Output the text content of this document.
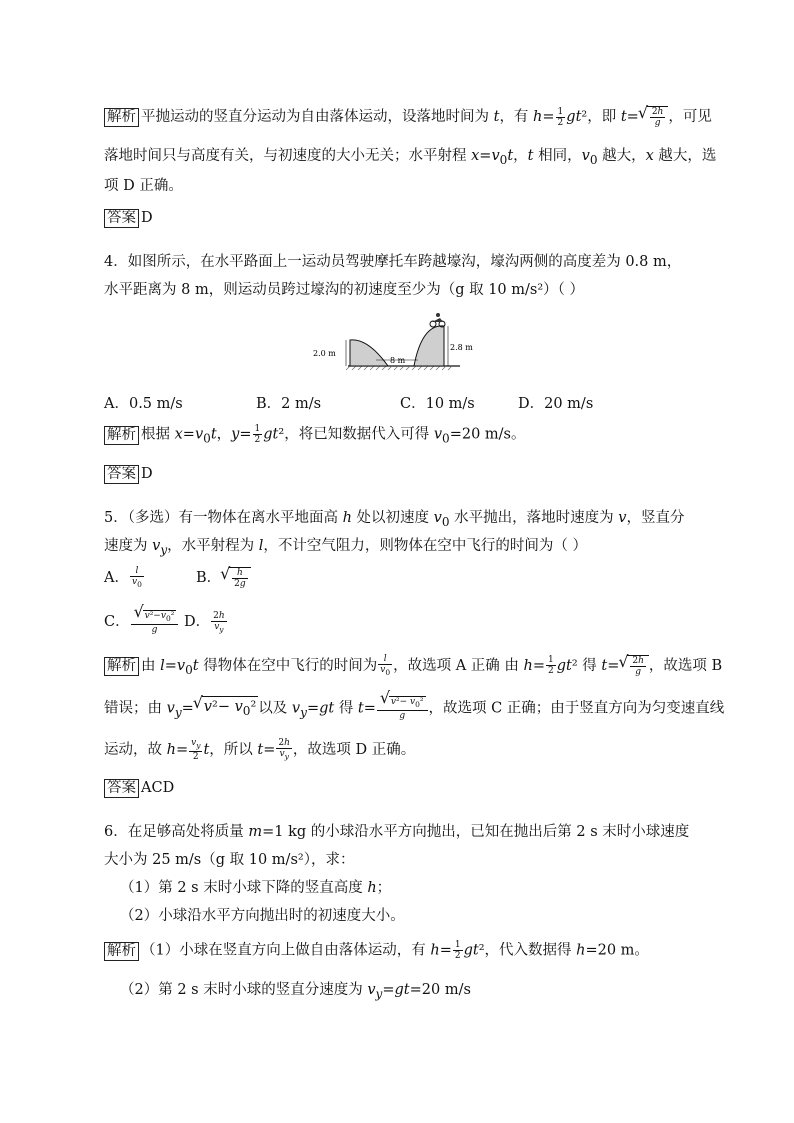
解析 平抛运动的竖直分运动为自由落体运动，设落地时间为 t，有 $h= \frac{1}{2} gt^2$，即 t=
√ $\frac{2h}{g}$ ，可见
落地时间只与高度有关，与初速度的大小无关；水平射程 $x=v_0t$，t 相同，$v_0$ 越大，x 越大，选
项 D 正确。
答案 D
4．如图所示，在水平路面上一运动员驾驶摩托车跨越壕沟，壕沟两侧的高度差为 0.8 m，
水平距离为 8 m，则运动员跨过壕沟的初速度至少为（g 取 10 m/s²）（ ）
2.0 m
2.8 m
8 m
A．0.5 m/s	B．2 m/s	C．10 m/s	D．20 m/s
解析 根据 $x=v_0t$，$y= \frac{1}{2} gt^2$，将已知数据代入可得 $v_0=20$ m/s。
答案 D
5．（多选）有一物体在离水平地面高 h 处以初速度 $v_0$ 水平抛出，落地时速度为 v，竖直分
速度为 $v_y$，水平射程为 l，不计空气阻力，则物体在空中飞行的时间为（ ）
A． $\frac{l}{v_0}$	B．
√ $\frac{h}{2g}$
C．
√ $\frac{v^2-v_0^2}{g}$ D． $\frac{2h}{v_y}$
解析 由 $l=v_0t$ 得物体在空中飞行的时间为 $\frac{l}{v_0}$ ，故选项 A 正确 由 $h= \frac{1}{2} gt^2$ 得 t=
√ $\frac{2h}{g}$ ，故选项 B
错误；由 $v_y=√$ $v^2- v_0^2$ 以及 $v_y=gt$ 得 t=
√ $\frac{v^2- v_0^2}{g}$ ，故选项 C 正确；由于竖直方向为匀变速直线
运动，故 $h= \frac{v_y}{2}$ t，所以 $t= \frac{2h}{v_y}$ ，故选项 D 正确。
答案 ACD
6．在足够高处将质量 m=1 kg 的小球沿水平方向抛出，已知在抛出后第 2 s 末时小球速度
大小为 25 m/s（g 取 10 m/s²），求：
（1）第 2 s 末时小球下降的竖直高度 h；
（2）小球沿水平方向抛出时的初速度大小。
解析 （1）小球在竖直方向上做自由落体运动，有 $h= \frac{1}{2} gt^2$，代入数据得 h=20 m。
（2）第 2 s 末时小球的竖直分速度为 $v_y=gt=20$ m/s
